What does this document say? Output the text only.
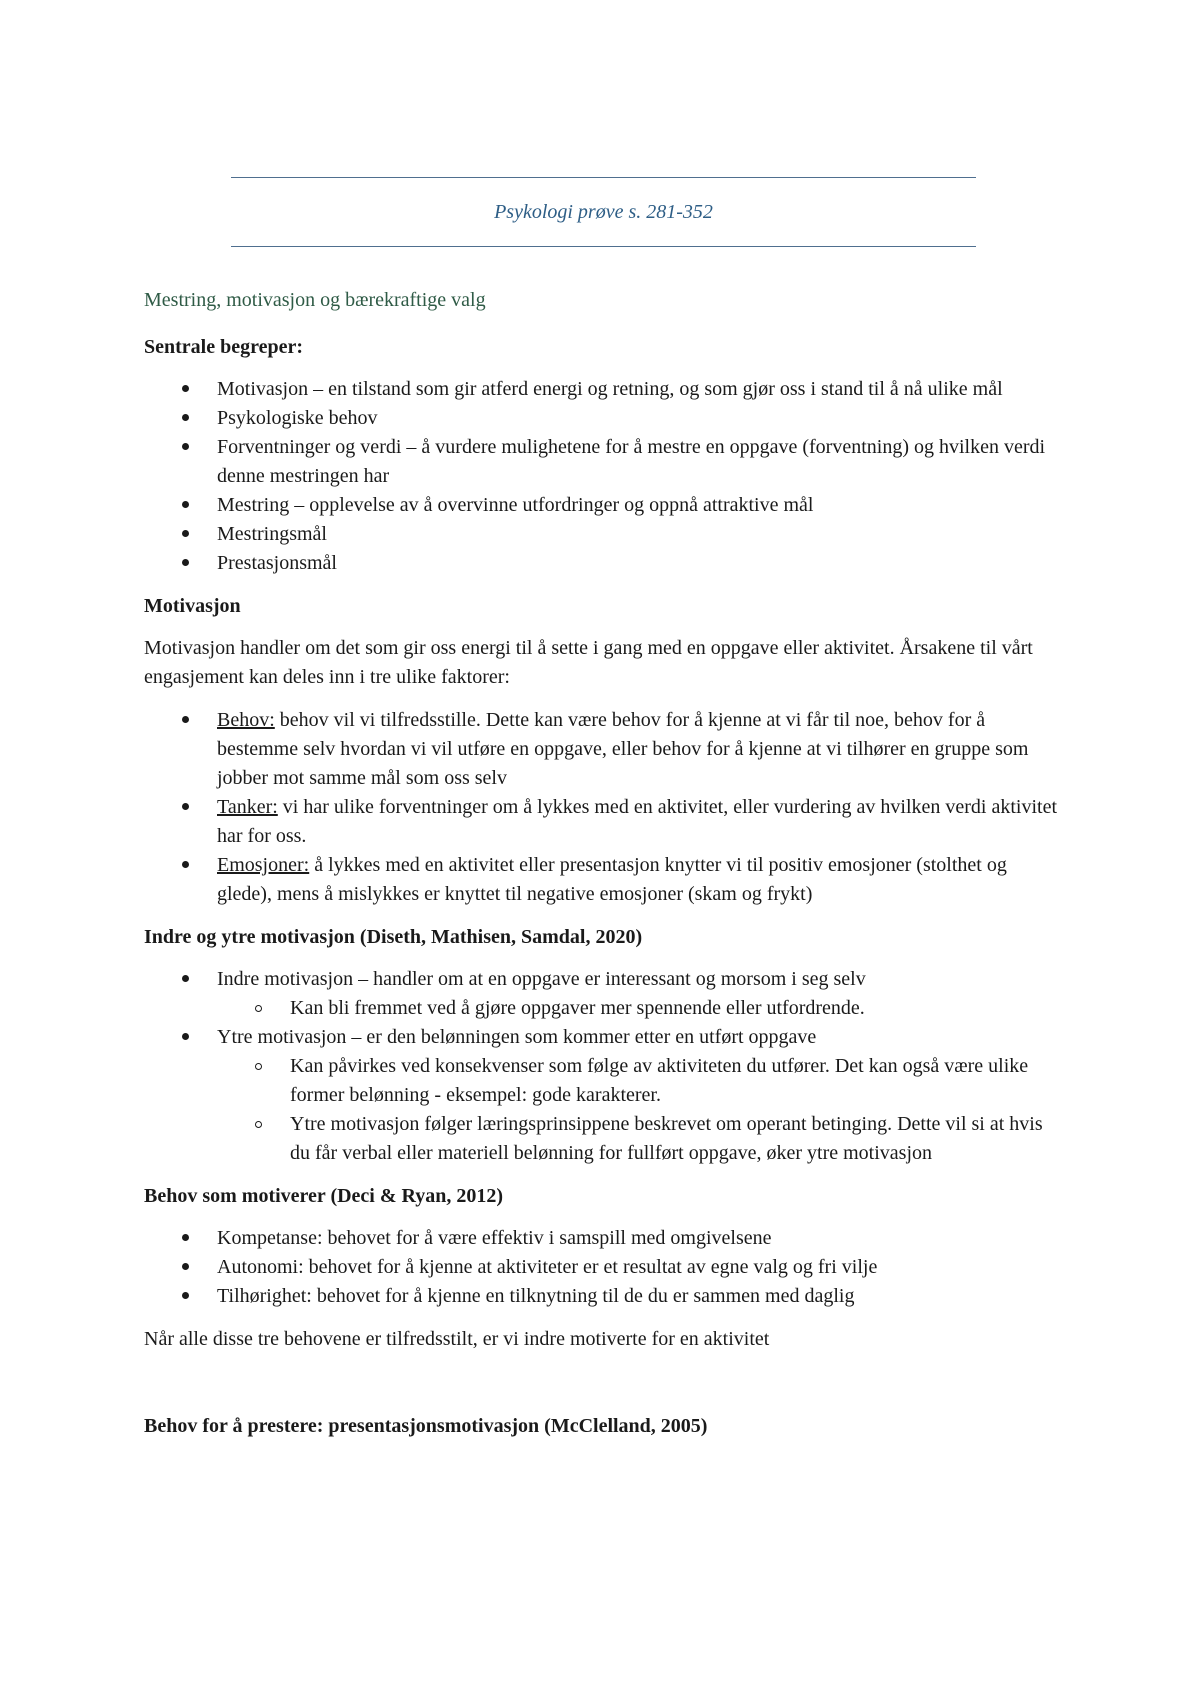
Psykologi prøve s. 281-352

Mestring, motivasjon og bærekraftige valg

Sentrale begreper:

Motivasjon – en tilstand som gir atferd energi og retning, og som gjør oss i stand til å nå ulike mål
Psykologiske behov
Forventninger og verdi – å vurdere mulighetene for å mestre en oppgave (forventning) og hvilken verdi denne mestringen har
Mestring – opplevelse av å overvinne utfordringer og oppnå attraktive mål
Mestringsmål
Prestasjonsmål

Motivasjon

Motivasjon handler om det som gir oss energi til å sette i gang med en oppgave eller aktivitet. Årsakene til vårt engasjement kan deles inn i tre ulike faktorer:

Behov: behov vil vi tilfredsstille. Dette kan være behov for å kjenne at vi får til noe, behov for å bestemme selv hvordan vi vil utføre en oppgave, eller behov for å kjenne at vi tilhører en gruppe som jobber mot samme mål som oss selv
Tanker: vi har ulike forventninger om å lykkes med en aktivitet, eller vurdering av hvilken verdi aktivitet har for oss.
Emosjoner: å lykkes med en aktivitet eller presentasjon knytter vi til positiv emosjoner (stolthet og glede), mens å mislykkes er knyttet til negative emosjoner (skam og frykt)

Indre og ytre motivasjon (Diseth, Mathisen, Samdal, 2020)

Indre motivasjon – handler om at en oppgave er interessant og morsom i seg selv
Kan bli fremmet ved å gjøre oppgaver mer spennende eller utfordrende.
Ytre motivasjon – er den belønningen som kommer etter en utført oppgave
Kan påvirkes ved konsekvenser som følge av aktiviteten du utfører. Det kan også være ulike former belønning - eksempel: gode karakterer.
Ytre motivasjon følger læringsprinsippene beskrevet om operant betinging. Dette vil si at hvis du får verbal eller materiell belønning for fullført oppgave, øker ytre motivasjon

Behov som motiverer (Deci & Ryan, 2012)

Kompetanse: behovet for å være effektiv i samspill med omgivelsene
Autonomi: behovet for å kjenne at aktiviteter er et resultat av egne valg og fri vilje
Tilhørighet: behovet for å kjenne en tilknytning til de du er sammen med daglig

Når alle disse tre behovene er tilfredsstilt, er vi indre motiverte for en aktivitet

Behov for å prestere: presentasjonsmotivasjon (McClelland, 2005)
